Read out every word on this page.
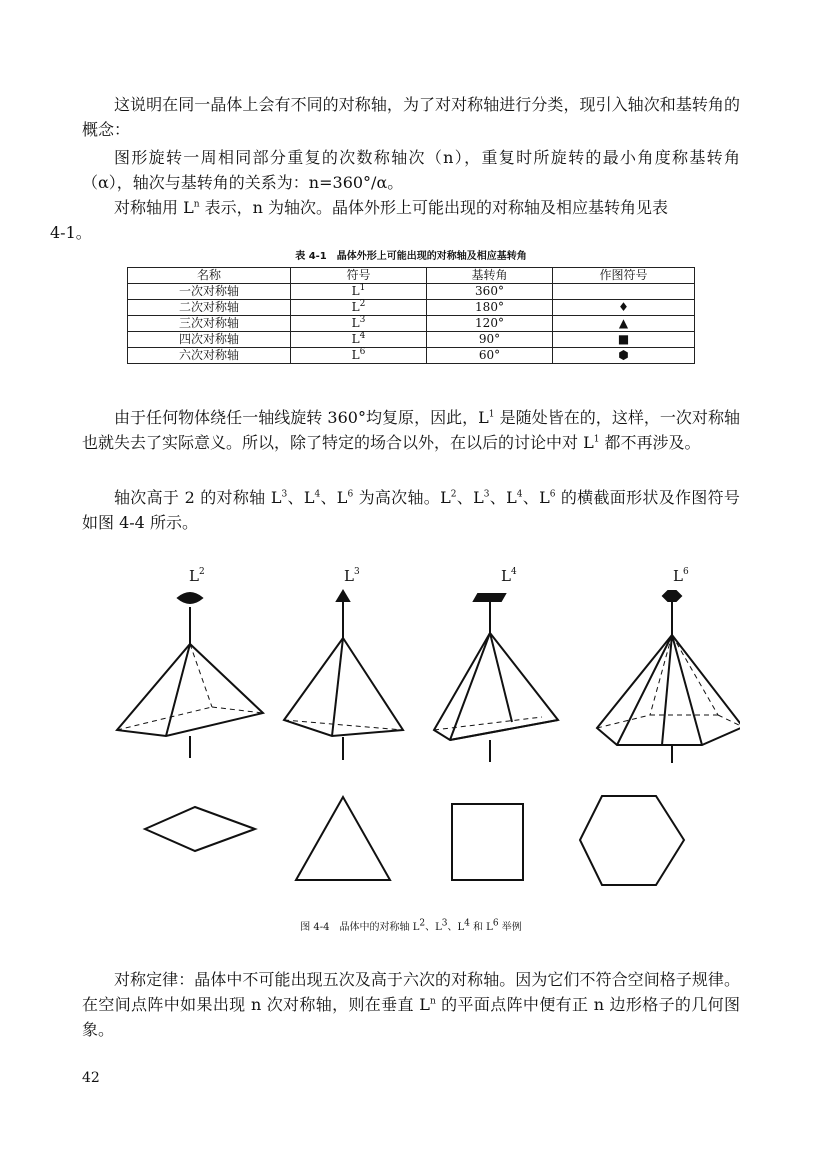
这说明在同一晶体上会有不同的对称轴，为了对对称轴进行分类，现引入轴次和基转角的概念：

图形旋转一周相同部分重复的次数称轴次（n），重复时所旋转的最小角度称基转角（α），轴次与基转角的关系为：n=360°/α。

对称轴用 $L^n$ 表示，n 为轴次。晶体外形上可能出现的对称轴及相应基转角见表
4-1。

表 4-1　晶体外形上可能出现的对称轴及相应基转角
名称	符号	基转角	作图符号
一次对称轴	$L^1$	360°	
二次对称轴	$L^2$	180°	♦
三次对称轴	$L^3$	120°	▲
四次对称轴	$L^4$	90°	■
六次对称轴	$L^6$	60°	⬢

由于任何物体绕任一轴线旋转 360°均复原，因此，$L^1$ 是随处皆在的，这样，一次对称轴也就失去了实际意义。所以，除了特定的场合以外，在以后的讨论中对 $L^1$ 都不再涉及。

轴次高于 2 的对称轴 $L^3$、$L^4$、$L^6$ 为高次轴。$L^2$、$L^3$、$L^4$、$L^6$ 的横截面形状及作图符号如图 4-4 所示。

$L^2$	$L^3$	$L^4$	$L^6$
图 4-4　晶体中的对称轴 $L^2$、$L^3$、$L^4$ 和 $L^6$ 举例

对称定律：晶体中不可能出现五次及高于六次的对称轴。因为它们不符合空间格子规律。在空间点阵中如果出现 n 次对称轴，则在垂直 $L^n$ 的平面点阵中便有正 n 边形格子的几何图象。

42
